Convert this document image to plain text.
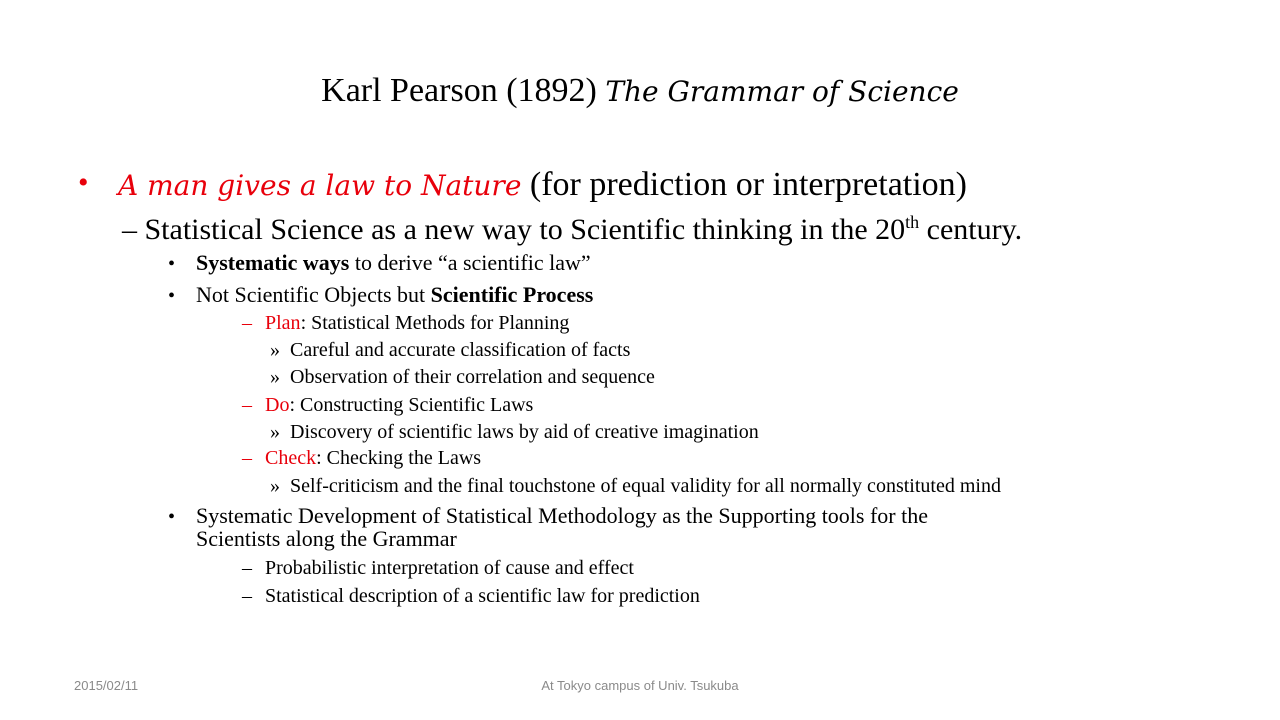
Karl Pearson (1892) The Grammar of Science
• A man gives a law to Nature (for prediction or interpretation)
– Statistical Science as a new way to Scientific thinking in the 20th century.
• Systematic ways to derive “a scientific law”
• Not Scientific Objects but Scientific Process
– Plan: Statistical Methods for Planning
» Careful and accurate classification of facts
» Observation of their correlation and sequence
– Do: Constructing Scientific Laws
» Discovery of scientific laws by aid of creative imagination
– Check: Checking the Laws
» Self-criticism and the final touchstone of equal validity for all normally constituted mind
• Systematic Development of Statistical Methodology as the Supporting tools for the
Scientists along the Grammar
– Probabilistic interpretation of cause and effect
– Statistical description of a scientific law for prediction
2015/02/11	At Tokyo campus of Univ. Tsukuba
